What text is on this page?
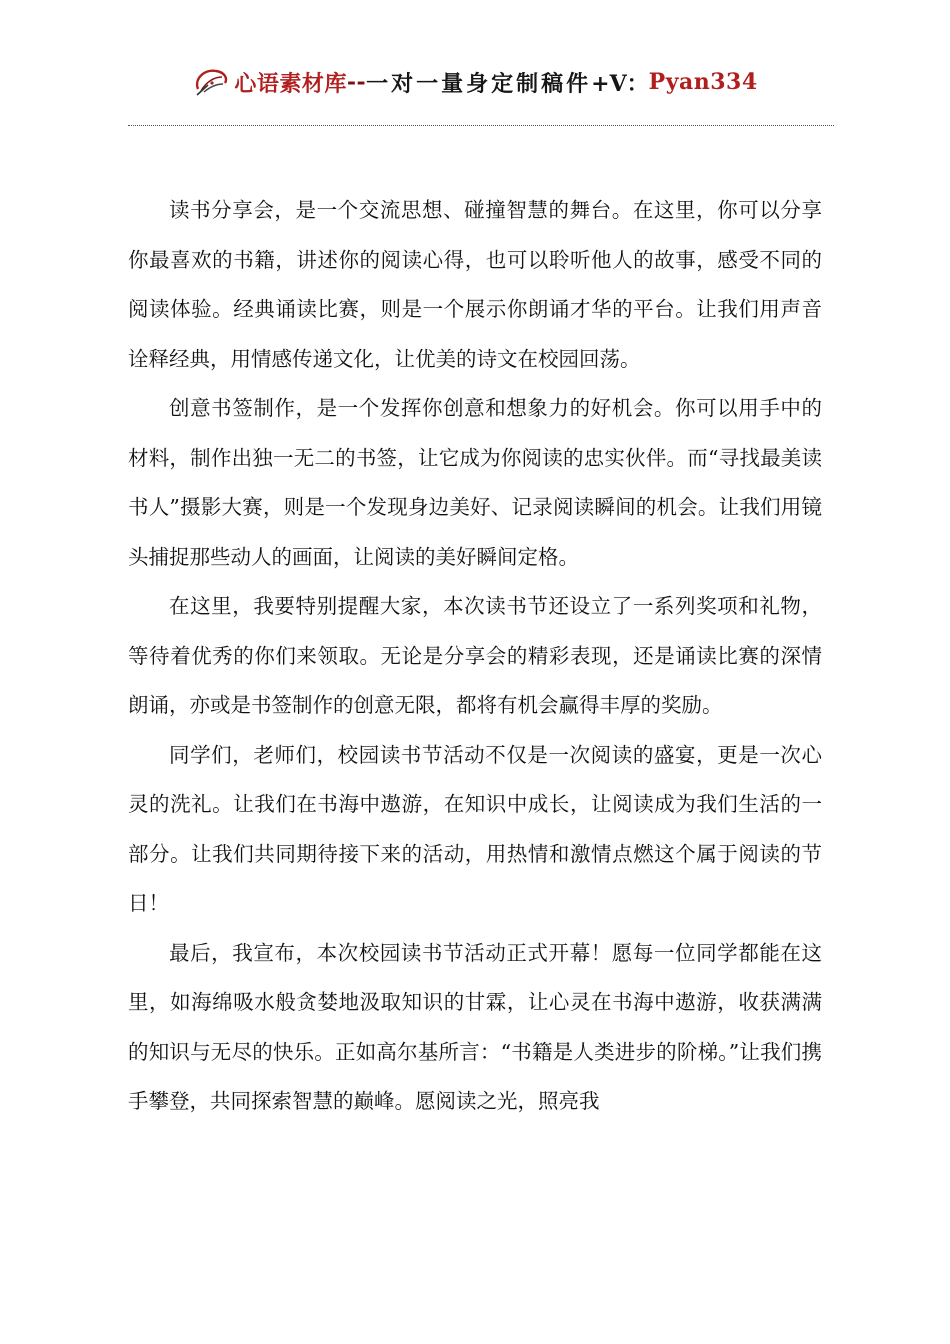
心语素材库 -- 一对一量身定制稿件 +V： Pyan334

读书分享会，是一个交流思想、碰撞智慧的舞台。在这里，你可以分享你最喜欢的书籍，讲述你的阅读心得，也可以聆听他人的故事，感受不同的阅读体验。经典诵读比赛，则是一个展示你朗诵才华的平台。让我们用声音诠释经典，用情感传递文化，让优美的诗文在校园回荡。

创意书签制作，是一个发挥你创意和想象力的好机会。你可以用手中的材料，制作出独一无二的书签，让它成为你阅读的忠实伙伴。而“寻找最美读书人”摄影大赛，则是一个发现身边美好、记录阅读瞬间的机会。让我们用镜头捕捉那些动人的画面，让阅读的美好瞬间定格。

在这里，我要特别提醒大家，本次读书节还设立了一系列奖项和礼物，等待着优秀的你们来领取。无论是分享会的精彩表现，还是诵读比赛的深情朗诵，亦或是书签制作的创意无限，都将有机会赢得丰厚的奖励。

同学们，老师们，校园读书节活动不仅是一次阅读的盛宴，更是一次心灵的洗礼。让我们在书海中遨游，在知识中成长，让阅读成为我们生活的一部分。让我们共同期待接下来的活动，用热情和激情点燃这个属于阅读的节日！

最后，我宣布，本次校园读书节活动正式开幕！愿每一位同学都能在这里，如海绵吸水般贪婪地汲取知识的甘霖，让心灵在书海中遨游，收获满满的知识与无尽的快乐。正如高尔基所言：“书籍是人类进步的阶梯。”让我们携手攀登，共同探索智慧的巅峰。愿阅读之光，照亮我
